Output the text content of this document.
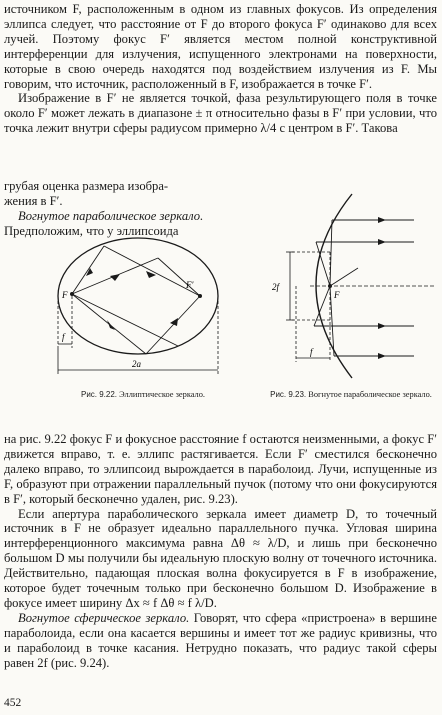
источником F, расположенным в одном из главных фокусов. Из определения эллипса следует, что расстояние от F до второго фокуса F′ одинаково для всех лучей. Поэтому фокус F′ является местом полной конструктивной интерференции для излучения, испущенного электронами на поверхности, которые в свою очередь находятся под воздействием излучения из F. Мы говорим, что источник, расположенный в F, изображается в точке F′.

Изображение в F′ не является точкой, фаза результирующего поля в точке около F′ может лежать в диапазоне ± π относительно фазы в F′ при условии, что точка лежит внутри сферы радиусом примерно λ/4 с центром в F′. Такова

грубая оценка размера изобра-

жения в F′.

Вогнутое параболическое зеркало. Предположим, что у эллипсоида

F
F′
f
2a
Рис. 9.22. Эллиптическое зеркало.
F
2f
f
Рис. 9.23. Вогнутое параболическое зеркало.

на рис. 9.22 фокус F и фокусное расстояние f остаются неизменными, а фокус F′ движется вправо, т. е. эллипс растягивается. Если F′ сместился бесконечно далеко вправо, то эллипсоид вырождается в параболоид. Лучи, испущенные из F, образуют при отражении параллельный пучок (потому что они фокусируются в F′, который бесконечно удален, рис. 9.23).

Если апертура параболического зеркала имеет диаметр D, то точечный источник в F не образует идеально параллельного пучка. Угловая ширина интерференционного максимума равна Δθ ≈ λ/D, и лишь при бесконечно большом D мы получили бы идеальную плоскую волну от точечного источника. Действительно, падающая плоская волна фокусируется в F в изображение, которое будет точечным только при бесконечно большом D. Изображение в фокусе имеет ширину Δx ≈ f Δθ ≈ f λ/D.

Вогнутое сферическое зеркало. Говорят, что сфера «пристроена» в вершине параболоида, если она касается вершины и имеет тот же радиус кривизны, что и параболоид в точке касания. Нетрудно показать, что радиус такой сферы равен 2f (рис. 9.24).

452
